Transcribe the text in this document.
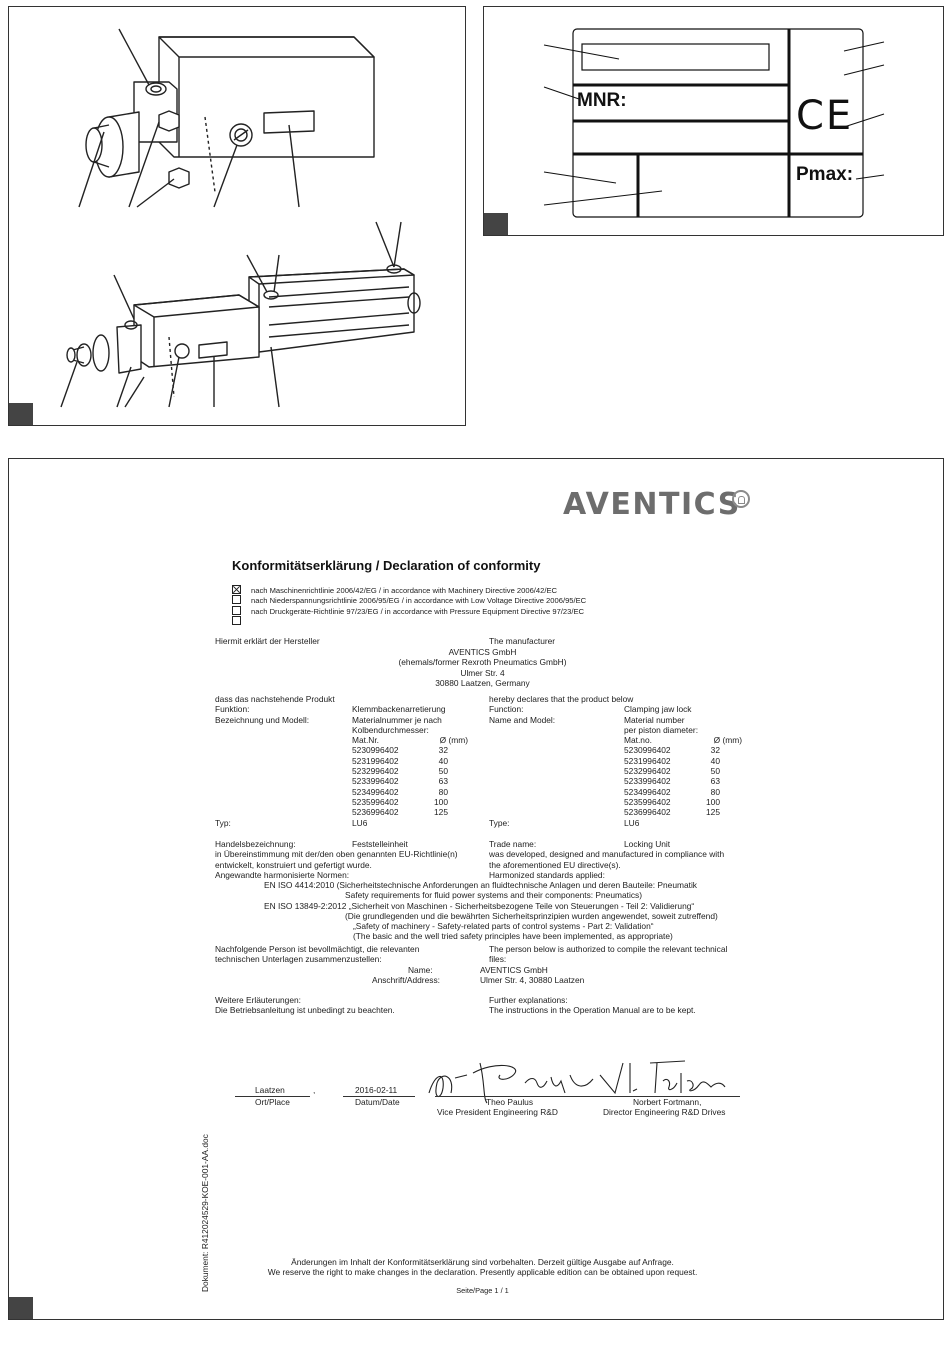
MNR:	CE
Pmax:
AVENTICS
Konformitätserklärung / Declaration of conformity
nach Maschinenrichtlinie 2006/42/EG / in accordance with Machinery Directive 2006/42/EC
nach Niederspannungsrichtlinie 2006/95/EG / in accordance with Low Voltage Directive 2006/95/EC
nach Druckgeräte-Richtlinie 97/23/EG / in accordance with Pressure Equipment Directive 97/23/EC
Hiermit erklärt der Hersteller	The manufacturer
AVENTICS GmbH
(ehemals/former Rexroth Pneumatics GmbH)
Ulmer Str. 4
30880 Laatzen, Germany
dass das nachstehende Produkt
Funktion:	Klemmbackenarretierung
Bezeichnung und Modell:	Materialnummer je nach
Kolbendurchmesser:
Mat.Nr.	Ø (mm)
5230996402	32
5231996402	40
5232996402	50
5233996402	63
5234996402	80
5235996402	100
5236996402	125
Typ:	LU6
hereby declares that the product below
Function:	Clamping jaw lock
Name and Model:	Material number
per piston diameter:
Mat.no.	Ø (mm)
5230996402	32
5231996402	40
5232996402	50
5233996402	63
5234996402	80
5235996402	100
5236996402	125
Type:	LU6
Handelsbezeichnung:	Feststelleinheit
in Übereinstimmung mit der/den oben genannten EU-Richtlinie(n)
entwickelt, konstruiert und gefertigt wurde.
Angewandte harmonisierte Normen:
Trade name:	Locking Unit
was developed, designed and manufactured in compliance with
the aforementioned EU directive(s).
Harmonized standards applied:
EN ISO 4414:2010 (Sicherheitstechnische Anforderungen an fluidtechnische Anlagen und deren Bauteile: Pneumatik
Safety requirements for fluid power systems and their components: Pneumatics)
EN ISO 13849-2:2012 „Sicherheit von Maschinen - Sicherheitsbezogene Teile von Steuerungen - Teil 2: Validierung“
(Die grundlegenden und die bewährten Sicherheitsprinzipien wurden angewendet, soweit zutreffend)
„Safety of machinery - Safety-related parts of control systems - Part 2: Validation“
(The basic and the well tried safety principles have been implemented, as appropriate)
Nachfolgende Person ist bevollmächtigt, die relevanten
technischen Unterlagen zusammenzustellen:
The person below is authorized to compile the relevant technical
files:
Name:	AVENTICS GmbH
Anschrift/Address:	Ulmer Str. 4, 30880 Laatzen
Weitere Erläuterungen:
Die Betriebsanleitung ist unbedingt zu beachten.
Further explanations:
The instructions in the Operation Manual are to be kept.
Laatzen	,	2016-02-11
Ort/Place	Datum/Date	Theo Paulus
Vice President Engineering R&D
Norbert Fortmann,
Director Engineering R&D Drives
Dokument: R412024529-KOE-001-AA.doc	Änderungen im Inhalt der Konformitätserklärung sind vorbehalten. Derzeit gültige Ausgabe auf Anfrage.
We reserve the right to make changes in the declaration. Presently applicable edition can be obtained upon request.
Seite/Page 1 / 1
